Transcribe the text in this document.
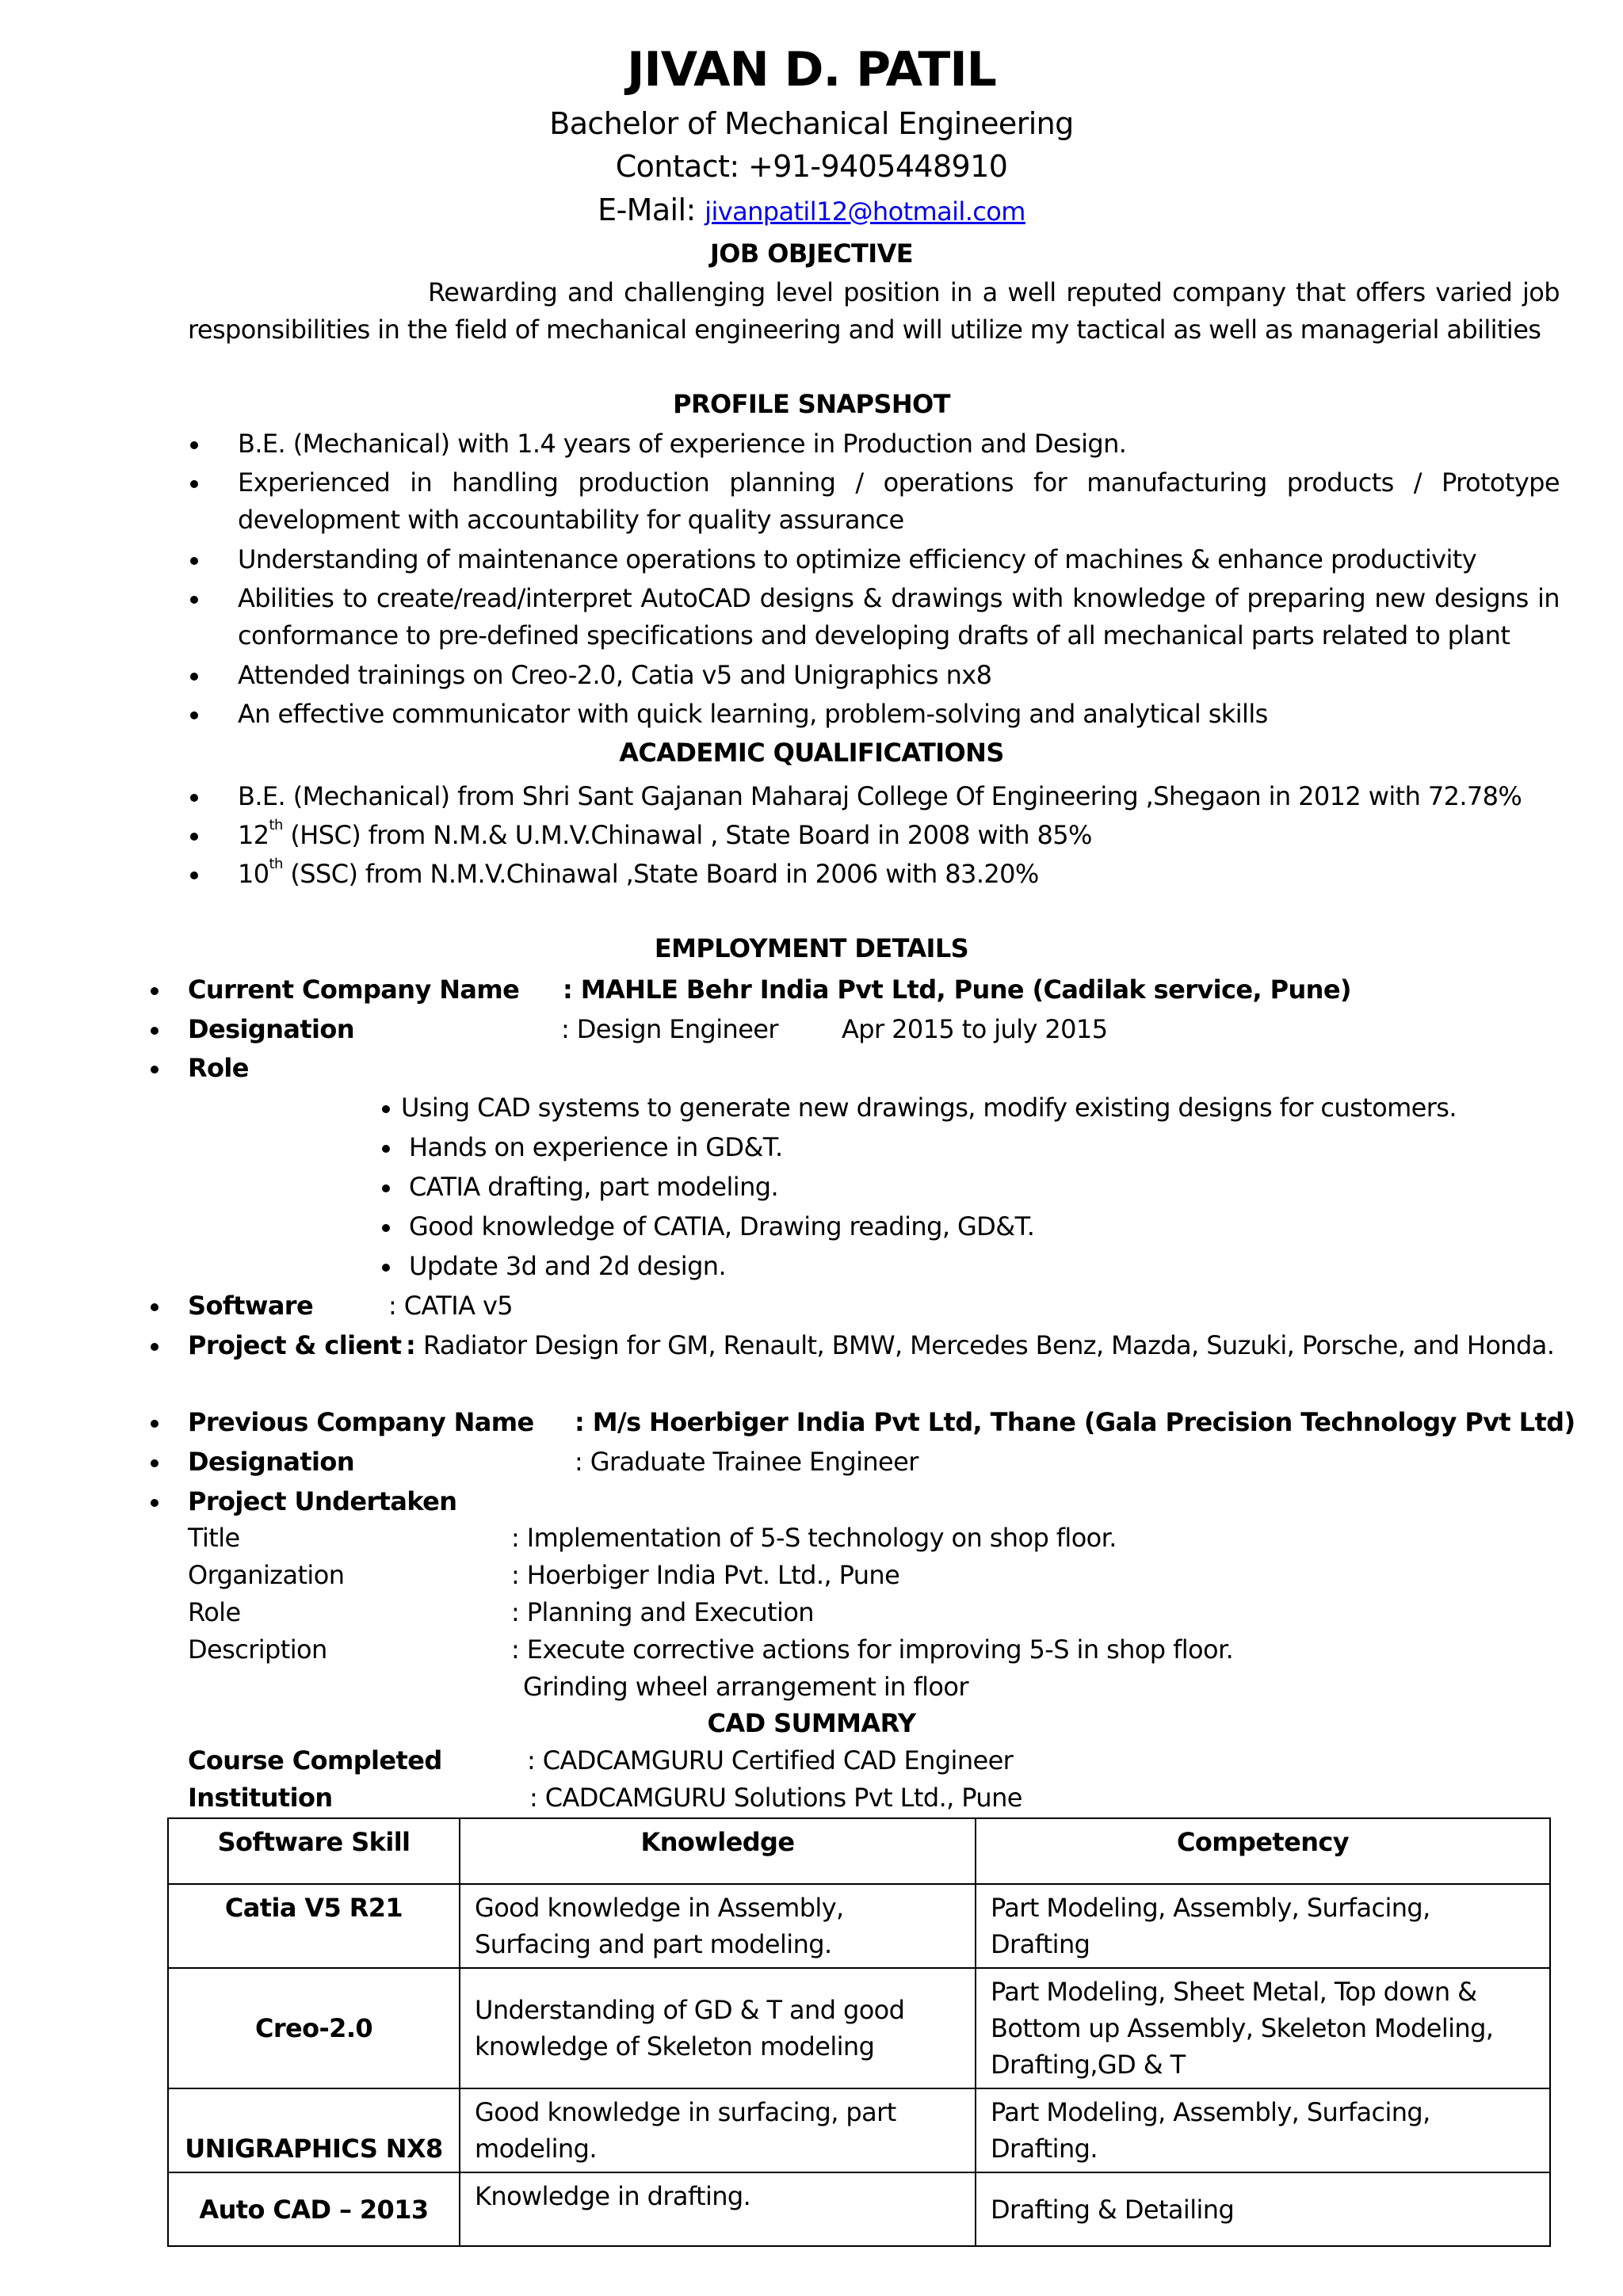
JIVAN D. PATIL
Bachelor of Mechanical Engineering
Contact: +91-9405448910
E-Mail: jivanpatil12@hotmail.com
JOB OBJECTIVE
Rewarding and challenging level position in a well reputed company that offers varied job
responsibilities in the field of mechanical engineering and will utilize my tactical as well as managerial abilities
PROFILE SNAPSHOT
B.E. (Mechanical) with 1.4 years of experience in Production and Design.
Experienced in handling production planning / operations for manufacturing products / Prototype
development with accountability for quality assurance
Understanding of maintenance operations to optimize efficiency of machines & enhance productivity
Abilities to create/read/interpret AutoCAD designs & drawings with knowledge of preparing new designs in
conformance to pre-defined specifications and developing drafts of all mechanical parts related to plant
Attended trainings on Creo-2.0, Catia v5 and Unigraphics nx8
An effective communicator with quick learning, problem-solving and analytical skills
ACADEMIC QUALIFICATIONS
B.E. (Mechanical) from Shri Sant Gajanan Maharaj College Of Engineering ,Shegaon in 2012 with 72.78%
12th (HSC) from N.M.& U.M.V.Chinawal , State Board in 2008 with 85%
10th (SSC) from N.M.V.Chinawal ,State Board in 2006 with 83.20%
EMPLOYMENT DETAILS
Current Company Name : MAHLE Behr India Pvt Ltd, Pune (Cadilak service, Pune)
Designation	: Design Engineer	Apr 2015 to july 2015
Role
Using CAD systems to generate new drawings, modify existing designs for customers.
Hands on experience in GD&T.
CATIA drafting, part modeling.
Good knowledge of CATIA, Drawing reading, GD&T.
Update 3d and 2d design.
Software	: CATIA v5
Project & client : Radiator Design for GM, Renault, BMW, Mercedes Benz, Mazda, Suzuki, Porsche, and Honda.
Previous Company Name : M/s Hoerbiger India Pvt Ltd, Thane (Gala Precision Technology Pvt Ltd)
Designation	: Graduate Trainee Engineer
Project Undertaken
Title	: Implementation of 5-S technology on shop floor.
Organization	: Hoerbiger India Pvt. Ltd., Pune
Role	: Planning and Execution
Description	: Execute corrective actions for improving 5-S in shop floor.
Grinding wheel arrangement in floor
CAD SUMMARY
Course Completed	: CADCAMGURU Certified CAD Engineer
Institution	: CADCAMGURU Solutions Pvt Ltd., Pune
Software Skill	Knowledge	Competency
Catia V5 R21	Good knowledge in Assembly, Surfacing and part modeling.	Part Modeling, Assembly, Surfacing, Drafting
Creo-2.0	Understanding of GD & T and good knowledge of Skeleton modeling	Part Modeling, Sheet Metal, Top down & Bottom up Assembly, Skeleton Modeling, Drafting,GD & T
UNIGRAPHICS NX8	Good knowledge in surfacing, part modeling.	Part Modeling, Assembly, Surfacing, Drafting.
Auto CAD – 2013	Knowledge in drafting.	Drafting & Detailing
